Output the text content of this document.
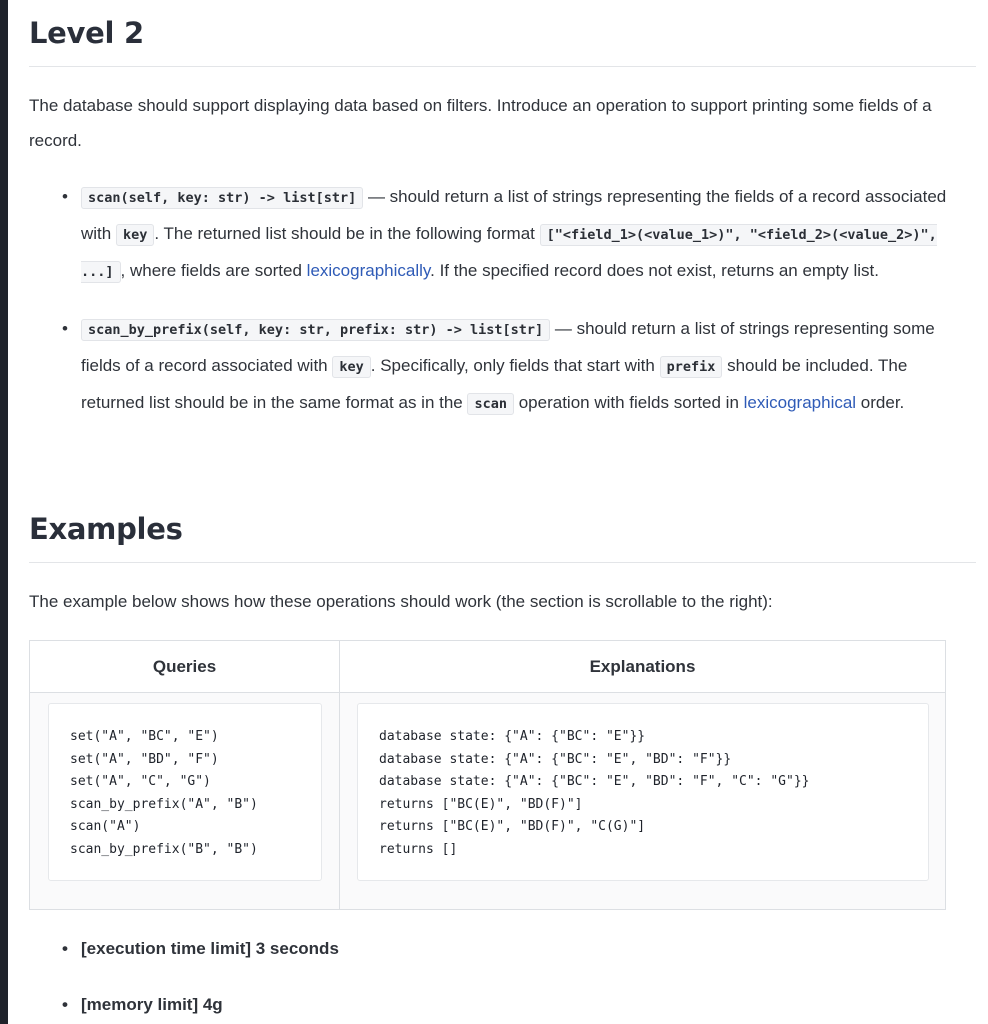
Level 2

The database should support displaying data based on filters. Introduce an operation to support printing some fields of a record.

• scan(self, key: str) -> list[str] — should return a list of strings representing the fields of a record associated with key . The returned list should be in the following format ["<field_1>(<value_1>)", "<field_2>(<value_2>)", ...] , where fields are sorted lexicographically. If the specified record does not exist, returns an empty list.
• scan_by_prefix(self, key: str, prefix: str) -> list[str] — should return a list of strings representing some fields of a record associated with key . Specifically, only fields that start with prefix should be included. The returned list should be in the same format as in the scan operation with fields sorted in lexicographical order.
Examples

The example below shows how these operations should work (the section is scrollable to the right):

Queries	Explanations
set("A", "BC", "E")
set("A", "BD", "F")
set("A", "C", "G")
scan_by_prefix("A", "B")
scan("A")
scan_by_prefix("B", "B")
database state: {"A": {"BC": "E"}}
database state: {"A": {"BC": "E", "BD": "F"}}
database state: {"A": {"BC": "E", "BD": "F", "C": "G"}}
returns ["BC(E)", "BD(F)"]
returns ["BC(E)", "BD(F)", "C(G)"]
returns []
• [execution time limit] 3 seconds
• [memory limit] 4g
